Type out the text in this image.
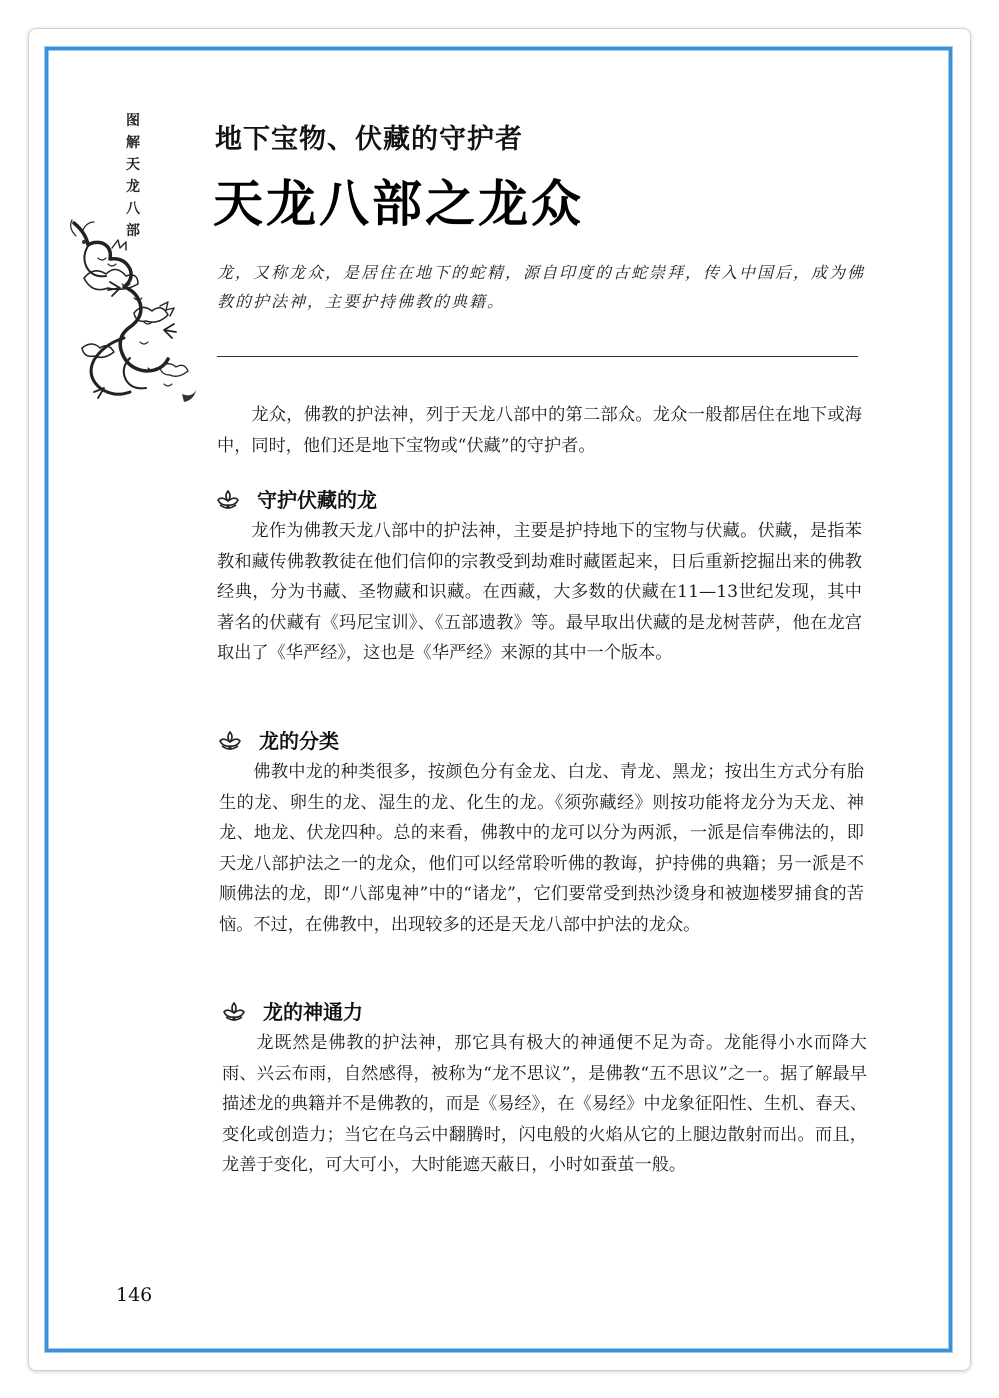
图
解
天
龙
八
部
地下宝物、伏藏的守护者
天龙八部之龙众
龙，又称龙众，是居住在地下的蛇精，源自印度的古蛇崇拜，传入中国后，成为佛教的护法神，主要护持佛教的典籍。
龙众，佛教的护法神，列于天龙八部中的第二部众。龙众一般都居住在地下或海中，同时，他们还是地下宝物或“伏藏”的守护者。
守护伏藏的龙
龙作为佛教天龙八部中的护法神，主要是护持地下的宝物与伏藏。伏藏，是指苯教和藏传佛教教徒在他们信仰的宗教受到劫难时藏匿起来，日后重新挖掘出来的佛教经典，分为书藏、圣物藏和识藏。在西藏，大多数的伏藏在11—13世纪发现，其中著名的伏藏有《玛尼宝训》、《五部遗教》等。最早取出伏藏的是龙树菩萨，他在龙宫取出了《华严经》，这也是《华严经》来源的其中一个版本。
龙的分类
佛教中龙的种类很多，按颜色分有金龙、白龙、青龙、黑龙；按出生方式分有胎生的龙、卵生的龙、湿生的龙、化生的龙。《须弥藏经》则按功能将龙分为天龙、神龙、地龙、伏龙四种。总的来看，佛教中的龙可以分为两派，一派是信奉佛法的，即天龙八部护法之一的龙众，他们可以经常聆听佛的教诲，护持佛的典籍；另一派是不顺佛法的龙，即“八部鬼神”中的“诸龙”，它们要常受到热沙烫身和被迦楼罗捕食的苦恼。不过，在佛教中，出现较多的还是天龙八部中护法的龙众。
龙的神通力
龙既然是佛教的护法神，那它具有极大的神通便不足为奇。龙能得小水而降大雨、兴云布雨，自然感得，被称为“龙不思议”，是佛教“五不思议”之一。据了解最早描述龙的典籍并不是佛教的，而是《易经》，在《易经》中龙象征阳性、生机、春天、变化或创造力；当它在乌云中翻腾时，闪电般的火焰从它的上腿边散射而出。而且，龙善于变化，可大可小，大时能遮天蔽日，小时如蚕茧一般。
146
